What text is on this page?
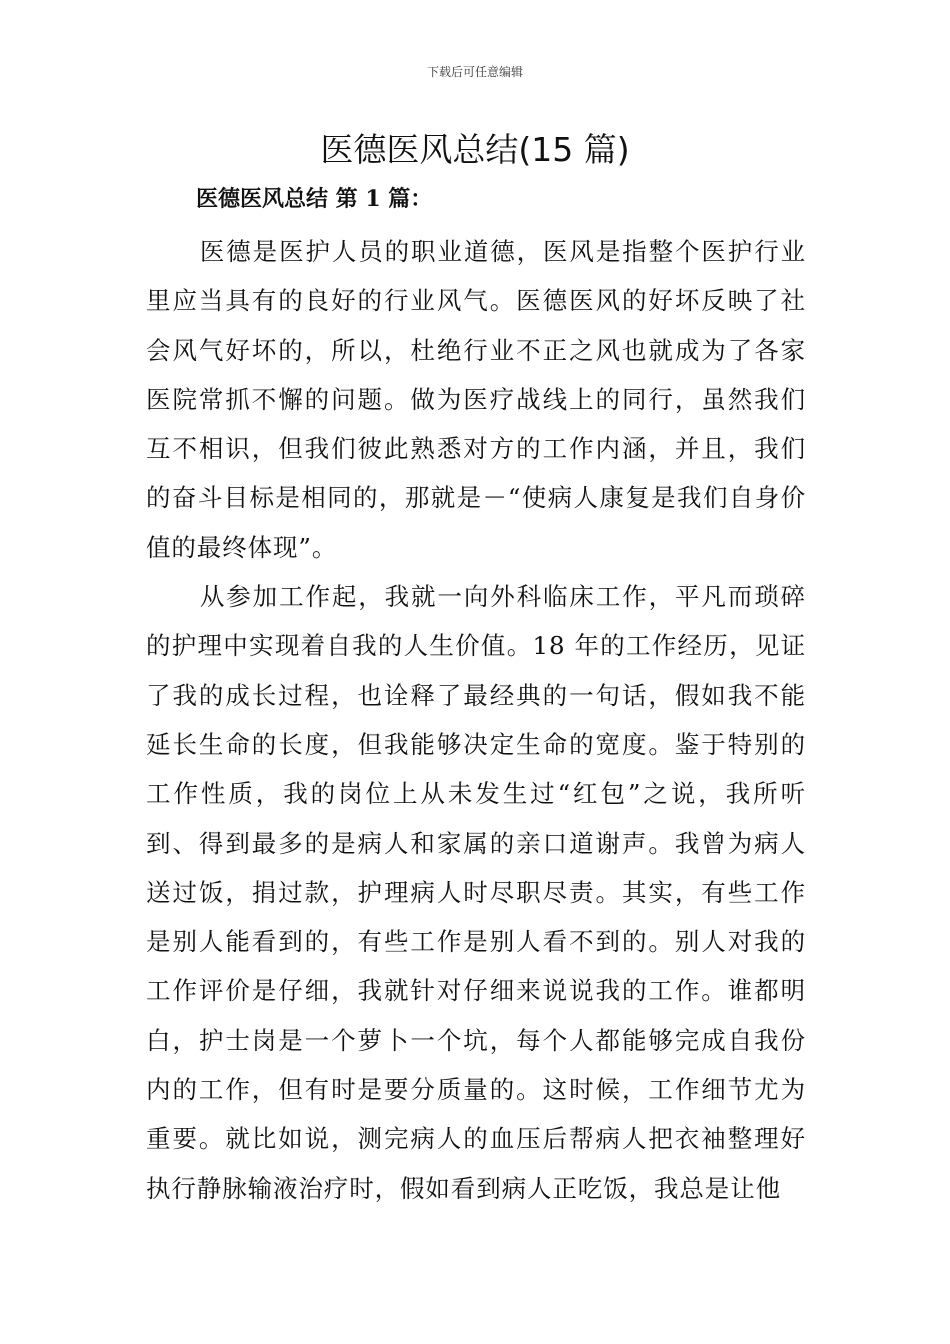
下载后可任意编辑
医德医风总结(15 篇)
医德医风总结 第 1 篇：

医德是医护人员的职业道德，医风是指整个医护行业里应当具有的良好的行业风气。医德医风的好坏反映了社会风气好坏的，所以，杜绝行业不正之风也就成为了各家医院常抓不懈的问题。做为医疗战线上的同行，虽然我们互不相识，但我们彼此熟悉对方的工作内涵，并且，我们的奋斗目标是相同的，那就是－“使病人康复是我们自身价值的最终体现”。

从参加工作起，我就一向外科临床工作，平凡而琐碎的护理中实现着自我的人生价值。18 年的工作经历，见证了我的成长过程，也诠释了最经典的一句话，假如我不能延长生命的长度，但我能够决定生命的宽度。鉴于特别的工作性质，我的岗位上从未发生过“红包”之说，我所听到、得到最多的是病人和家属的亲口道谢声。我曾为病人送过饭，捐过款，护理病人时尽职尽责。其实，有些工作是别人能看到的，有些工作是别人看不到的。别人对我的工作评价是仔细，我就针对仔细来说说我的工作。谁都明白，护士岗是一个萝卜一个坑，每个人都能够完成自我份内的工作，但有时是要分质量的。这时候，工作细节尤为重要。就比如说，测完病人的血压后帮病人把衣袖整理好执行静脉输液治疗时，假如看到病人正吃饭，我总是让他
